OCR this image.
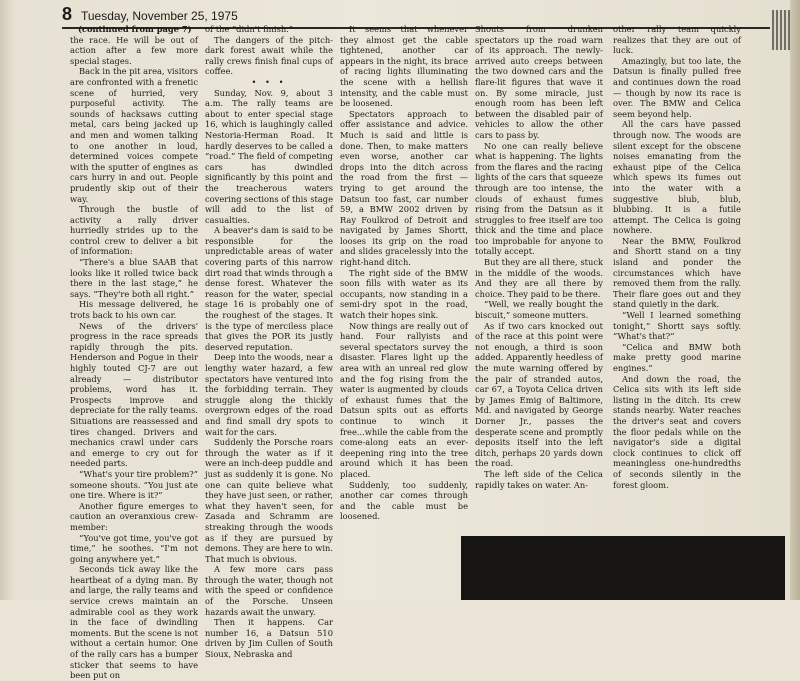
8 Tuesday, November 25, 1975

(continued from page 7)

the race. He will be out of action after a few more special stages.

Back in the pit area, visitors are confronted with a frenetic scene of hurried, very purposeful activity. The sounds of hacksaws cutting metal, cars being jacked up and men and women talking to one another in loud, determined voices compete with the sputter of engines as cars hurry in and out. People prudently skip out of their way.

Through the bustle of activity a rally driver hurriedly strides up to the control crew to deliver a bit of information:

“There's a blue SAAB that looks like it rolled twice back there in the last stage,” he says. “They're both all right.”

His message delivered, he trots back to his own car.

News of the drivers' progress in the race spreads rapidly through the pits. Henderson and Pogue in their highly touted CJ-7 are out already — distributor problems, word has it. Prospects improve and depreciate for the rally teams. Situations are reassessed and tires changed. Drivers and mechanics crawl under cars and emerge to cry out for needed parts.

“What's your tire problem?” someone shouts. “You just ate one tire. Where is it?”

Another figure emerges to caution an overanxious crew-member:

“You've got time, you've got time,” he soothes. “I'm not going anywhere yet.”

Seconds tick away like the heartbeat of a dying man. By and large, the rally teams and service crews maintain an admirable cool as they work in the face of dwindling moments. But the scene is not without a certain humor. One of the rally cars has a bumper sticker that seems to have been put on

of the “didn't finish.”

The dangers of the pitch-dark forest await while the rally crews finish final cups of coffee.

• • •

Sunday, Nov. 9, about 3 a.m. The rally teams are about to enter special stage 16, which is laughingly called Nestoria-Herman Road. It hardly deserves to be called a “road.” The field of competing cars has dwindled significantly by this point and the treacherous waters covering sections of this stage will add to the list of casualties.

A beaver's dam is said to be responsible for the unpredictable areas of water covering parts of this narrow dirt road that winds through a dense forest. Whatever the reason for the water, special stage 16 is probably one of the roughest of the stages. It is the type of merciless place that gives the POR its justly deserved reputation.

Deep into the woods, near a lengthy water hazard, a few spectators have ventured into the forbidding terrain. They struggle along the thickly overgrown edges of the road and find small dry spots to wait for the cars.

Suddenly the Porsche roars through the water as if it were an inch-deep puddle and just as suddenly it is gone. No one can quite believe what they have just seen, or rather, what they haven't seen, for Zasada and Schramm are streaking through the woods as if they are pursued by demons. They are here to win. That much is obvious.

A few more cars pass through the water, though not with the speed or confidence of the Porsche. Unseen hazards await the unwary.

Then it happens. Car number 16, a Datsun 510 driven by Jim Cullen of South Sioux, Nebraska and

It seems that whenever they almost get the cable tightened, another car appears in the night, its brace of racing lights illuminating the scene with a hellish intensity, and the cable must be loosened.

Spectators approach to offer assistance and advice. Much is said and little is done. Then, to make matters even worse, another car drops into the ditch across the road from the first — trying to get around the Datsun too fast, car number 59, a BMW 2002 driven by Ray Foulkrod of Detroit and navigated by James Shortt, looses its grip on the road and slides gracelessly into the right-hand ditch.

The right side of the BMW soon fills with water as its occupants, now standing in a semi-dry spot in the road, watch their hopes sink.

Now things are really out of hand. Four rallyists and several spectators survey the disaster. Flares light up the area with an unreal red glow and the fog rising from the water is augmented by clouds of exhaust fumes that the Datsun spits out as efforts continue to winch it free...while the cable from the come-along eats an ever-deepening ring into the tree around which it has been placed.

Suddenly, too suddenly, another car comes through and the cable must be loosened.

Shouts from drunken spectators up the road warn of its approach. The newly-arrived auto creeps between the two downed cars and the flare-lit figures that wave it on. By some miracle, just enough room has been left between the disabled pair of vehicles to allow the other cars to pass by.

No one can really believe what is happening. The lights from the flares and the racing lights of the cars that squeeze through are too intense, the clouds of exhaust fumes rising from the Datsun as it struggles to free itself are too thick and the time and place too improbable for anyone to totally accept.

But they are all there, stuck in the middle of the woods. And they are all there by choice. They paid to be there.

“Well, we really bought the biscuit,” someone mutters.

As if two cars knocked out of the race at this point were not enough, a third is soon added. Apparently heedless of the mute warning offered by the pair of stranded autos, car 67, a Toyota Celica driven by James Emig of Baltimore, Md. and navigated by George Dorner Jr., passes the desperate scene and promptly deposits itself into the left ditch, perhaps 20 yards down the road.

The left side of the Celica rapidly takes on water. An-

other rally team quickly realizes that they are out of luck.

Amazingly, but too late, the Datsun is finally pulled free and continues down the road — though by now its race is over. The BMW and Celica seem beyond help.

All the cars have passed through now. The woods are silent except for the obscene noises emanating from the exhaust pipe of the Celica which spews its fumes out into the water with a suggestive blub, blub, blubbing. It is a futile attempt. The Celica is going nowhere.

Near the BMW, Foulkrod and Shortt stand on a tiny island and ponder the circumstances which have removed them from the rally. Their flare goes out and they stand quietly in the dark.

“Well I learned something tonight,” Shortt says softly. “What's that?”

“Celica and BMW both make pretty good marine engines.”

And down the road, the Celica sits with its left side listing in the ditch. Its crew stands nearby. Water reaches the driver's seat and covers the floor pedals while on the navigator's side a digital clock continues to click off meaningless one-hundredths of seconds silently in the forest gloom.
